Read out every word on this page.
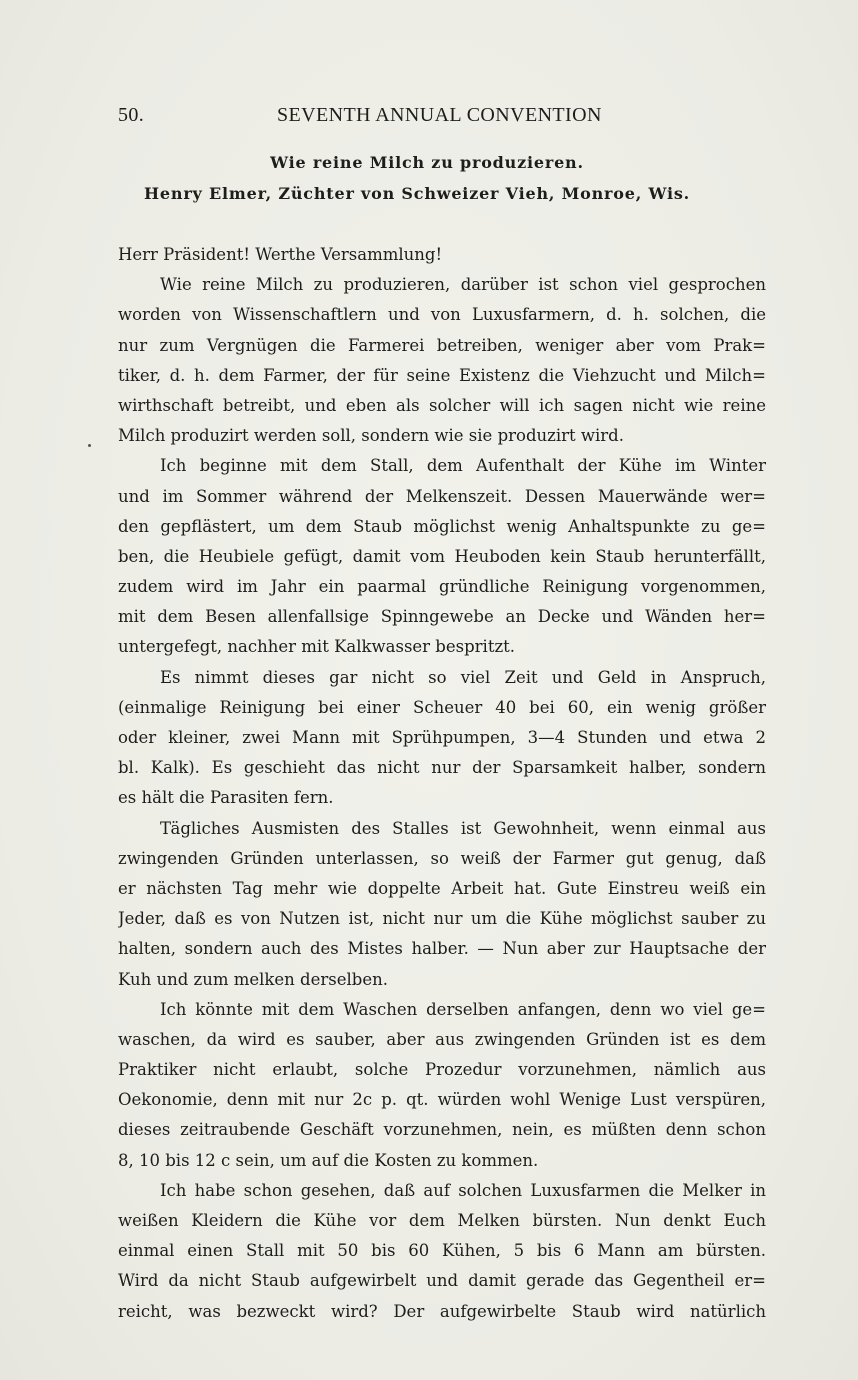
50.	SEVENTH ANNUAL CONVENTION
Wie reine Milch zu produzieren.
Henry Elmer, Züchter von Schweizer Vieh, Monroe, Wis.
Herr Präsident! Werthe Versammlung!
Wie reine Milch zu produzieren, darüber ist schon viel gesprochen
worden von Wissenschaftlern und von Luxusfarmern, d. h. solchen, die
nur zum Vergnügen die Farmerei betreiben, weniger aber vom Prak=
tiker, d. h. dem Farmer, der für seine Existenz die Viehzucht und Milch=
wirthschaft betreibt, und eben als solcher will ich sagen nicht wie reine
Milch produzirt werden soll, sondern wie sie produzirt wird.
Ich beginne mit dem Stall, dem Aufenthalt der Kühe im Winter
und im Sommer während der Melkenszeit. Dessen Mauerwände wer=
den gepflästert, um dem Staub möglichst wenig Anhaltspunkte zu ge=
ben, die Heubiele gefügt, damit vom Heuboden kein Staub herunterfällt,
zudem wird im Jahr ein paarmal gründliche Reinigung vorgenommen,
mit dem Besen allenfallsige Spinngewebe an Decke und Wänden her=
untergefegt, nachher mit Kalkwasser bespritzt.
Es nimmt dieses gar nicht so viel Zeit und Geld in Anspruch,
(einmalige Reinigung bei einer Scheuer 40 bei 60, ein wenig größer
oder kleiner, zwei Mann mit Sprühpumpen, 3—4 Stunden und etwa 2
bl. Kalk). Es geschieht das nicht nur der Sparsamkeit halber, sondern
es hält die Parasiten fern.
Tägliches Ausmisten des Stalles ist Gewohnheit, wenn einmal aus
zwingenden Gründen unterlassen, so weiß der Farmer gut genug, daß
er nächsten Tag mehr wie doppelte Arbeit hat. Gute Einstreu weiß ein
Jeder, daß es von Nutzen ist, nicht nur um die Kühe möglichst sauber zu
halten, sondern auch des Mistes halber. — Nun aber zur Hauptsache der
Kuh und zum melken derselben.
Ich könnte mit dem Waschen derselben anfangen, denn wo viel ge=
waschen, da wird es sauber, aber aus zwingenden Gründen ist es dem
Praktiker nicht erlaubt, solche Prozedur vorzunehmen, nämlich aus
Oekonomie, denn mit nur 2c p. qt. würden wohl Wenige Lust verspüren,
dieses zeitraubende Geschäft vorzunehmen, nein, es müßten denn schon
8, 10 bis 12 c sein, um auf die Kosten zu kommen.
Ich habe schon gesehen, daß auf solchen Luxusfarmen die Melker in
weißen Kleidern die Kühe vor dem Melken bürsten. Nun denkt Euch
einmal einen Stall mit 50 bis 60 Kühen, 5 bis 6 Mann am bürsten.
Wird da nicht Staub aufgewirbelt und damit gerade das Gegentheil er=
reicht, was bezweckt wird? Der aufgewirbelte Staub wird natürlich
